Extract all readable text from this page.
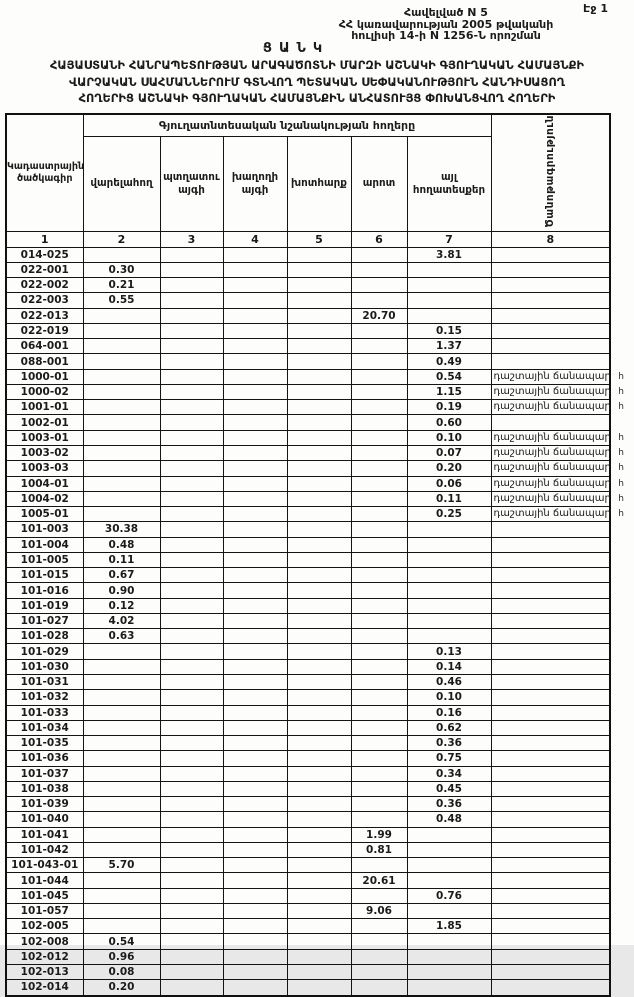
Էջ 1
Հավելված N 5
ՀՀ կառավարության 2005 թվականի
հուլիսի 14-ի N 1256-Ն որոշման
ՑԱՆԿ
ՀԱՅԱՍՏԱՆԻ ՀԱՆՐԱՊԵՏՈՒԹՅԱՆ ԱՐԱԳԱԾՈՏՆԻ ՄԱՐԶԻ ԱՇՆԱԿԻ ԳՅՈՒՂԱԿԱՆ ՀԱՄԱՅՆՔԻ
ՎԱՐՉԱԿԱՆ ՍԱՀՄԱՆՆԵՐՈՒՄ ԳՏՆՎՈՂ ՊԵՏԱԿԱՆ ՍԵՓԱԿԱՆՈՒԹՅՈՒՆ ՀԱՆԴԻՍԱՑՈՂ
ՀՈՂԵՐԻՑ ԱՇՆԱԿԻ ԳՅՈՒՂԱԿԱՆ ՀԱՄԱՅՆՔԻՆ ԱՆՀԱՏՈՒՅՑ ՓՈԽԱՆՑՎՈՂ ՀՈՂԵՐԻ
Կադաստրային ծածկագիր	Գյուղատնտեսական նշանակության հողերը						Ծանոթագրություն
	վարելահող	պտղատու այգի	խաղողի այգի	խոտհարք	արոտ	այլ հողատեսքեր	
1	2	3	4	5	6	7	8
014-025						3.81	
022-001	0.30						
022-002	0.21						
022-003	0.55						
022-013					20.70		
022-019						0.15	
064-001						1.37	
088-001						0.49	
1000-01						0.54	դաշտային ճանապար հ

1000-02						1.15	դաշտային ճանապար հ

1001-01						0.19	դաշտային ճանապար հ

1002-01						0.60	
1003-01						0.10	դաշտային ճանապար հ

1003-02						0.07	դաշտային ճանապար հ

1003-03						0.20	դաշտային ճանապար հ

1004-01						0.06	դաշտային ճանապար հ

1004-02						0.11	դաշտային ճանապար հ

1005-01						0.25	դաշտային ճանապար հ

101-003	30.38						
101-004	0.48						
101-005	0.11						
101-015	0.67						
101-016	0.90						
101-019	0.12						
101-027	4.02						
101-028	0.63						
101-029						0.13	
101-030						0.14	
101-031						0.46	
101-032						0.10	
101-033						0.16	
101-034						0.62	
101-035						0.36	
101-036						0.75	
101-037						0.34	
101-038						0.45	
101-039						0.36	
101-040						0.48	
101-041					1.99		
101-042					0.81		
101-043-01	5.70						
101-044					20.61		
101-045						0.76	
101-057					9.06		
102-005						1.85	
102-008	0.54						
102-012	0.96						
102-013	0.08						
102-014	0.20						
